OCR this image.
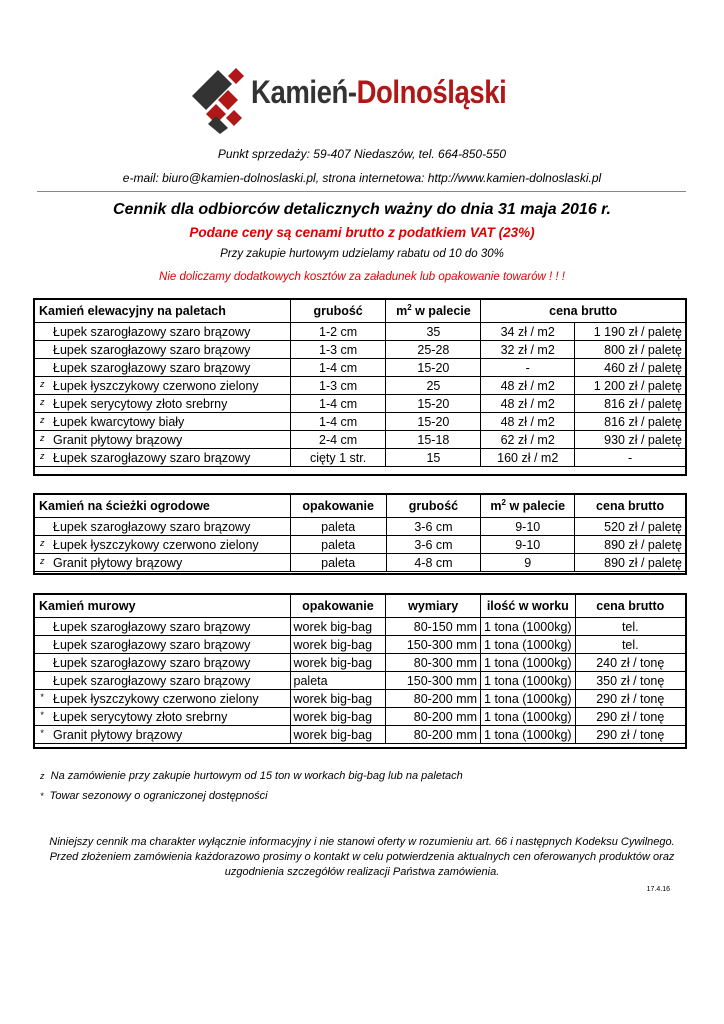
Kamień-Dolnośląski
Punkt sprzedaży: 59-407 Niedaszów, tel. 664-850-550
e-mail: biuro@kamien-dolnoslaski.pl, strona internetowa: http://www.kamien-dolnoslaski.pl
Cennik dla odbiorców detalicznych ważny do dnia 31 maja 2016 r.
Podane ceny są cenami brutto z podatkiem VAT (23%)
Przy zakupie hurtowym udzielamy rabatu od 10 do 30%
Nie doliczamy dodatkowych kosztów za załadunek lub opakowanie towarów ! ! !
Kamień elewacyjny na paletach	grubość	$m^2$ w palecie	cena brutto	

Łupek szarogłazowy szaro brązowy	1-2 cm	35	34 zł / m2	1 190 zł / paletę

Łupek szarogłazowy szaro brązowy	1-3 cm	25-28	32 zł / m2	800 zł / paletę

Łupek szarogłazowy szaro brązowy	1-4 cm	15-20	-	460 zł / paletę

z Łupek łyszczykowy czerwono zielony	1-3 cm	25	48 zł / m2	1 200 zł / paletę

z Łupek serycytowy złoto srebrny	1-4 cm	15-20	48 zł / m2	816 zł / paletę

z Łupek kwarcytowy biały	1-4 cm	15-20	48 zł / m2	816 zł / paletę

z Granit płytowy brązowy	2-4 cm	15-18	62 zł / m2	930 zł / paletę

z Łupek szarogłazowy szaro brązowy	cięty 1 str.	15	160 zł / m2	-
Kamień na ścieżki ogrodowe	opakowanie	grubość	$m^2$ w palecie	cena brutto

Łupek szarogłazowy szaro brązowy	paleta	3-6 cm	9-10	520 zł / paletę

z Łupek łyszczykowy czerwono zielony	paleta	3-6 cm	9-10	890 zł / paletę

z Granit płytowy brązowy	paleta	4-8 cm	9	890 zł / paletę
Kamień murowy	opakowanie	wymiary	ilość w worku	cena brutto

Łupek szarogłazowy szaro brązowy	worek big-bag	80-150 mm	1 tona (1000kg)	tel.

Łupek szarogłazowy szaro brązowy	worek big-bag	150-300 mm	1 tona (1000kg)	tel.

Łupek szarogłazowy szaro brązowy	worek big-bag	80-300 mm	1 tona (1000kg)	240 zł / tonę

Łupek szarogłazowy szaro brązowy	paleta	150-300 mm	1 tona (1000kg)	350 zł / tonę

* Łupek łyszczykowy czerwono zielony	worek big-bag	80-200 mm	1 tona (1000kg)	290 zł / tonę

* Łupek serycytowy złoto srebrny	worek big-bag	80-200 mm	1 tona (1000kg)	290 zł / tonę

* Granit płytowy brązowy	worek big-bag	80-200 mm	1 tona (1000kg)	290 zł / tonę
z Na zamówienie przy zakupie hurtowym od 15 ton w workach big-bag lub na paletach
* Towar sezonowy o ograniczonej dostępności
Niniejszy cennik ma charakter wyłącznie informacyjny i nie stanowi oferty w rozumieniu art. 66 i następnych Kodeksu Cywilnego.
Przed złożeniem zamówienia każdorazowo prosimy o kontakt w celu potwierdzenia aktualnych cen oferowanych produktów oraz
uzgodnienia szczegółów realizacji Państwa zamówienia.
17.4.16
